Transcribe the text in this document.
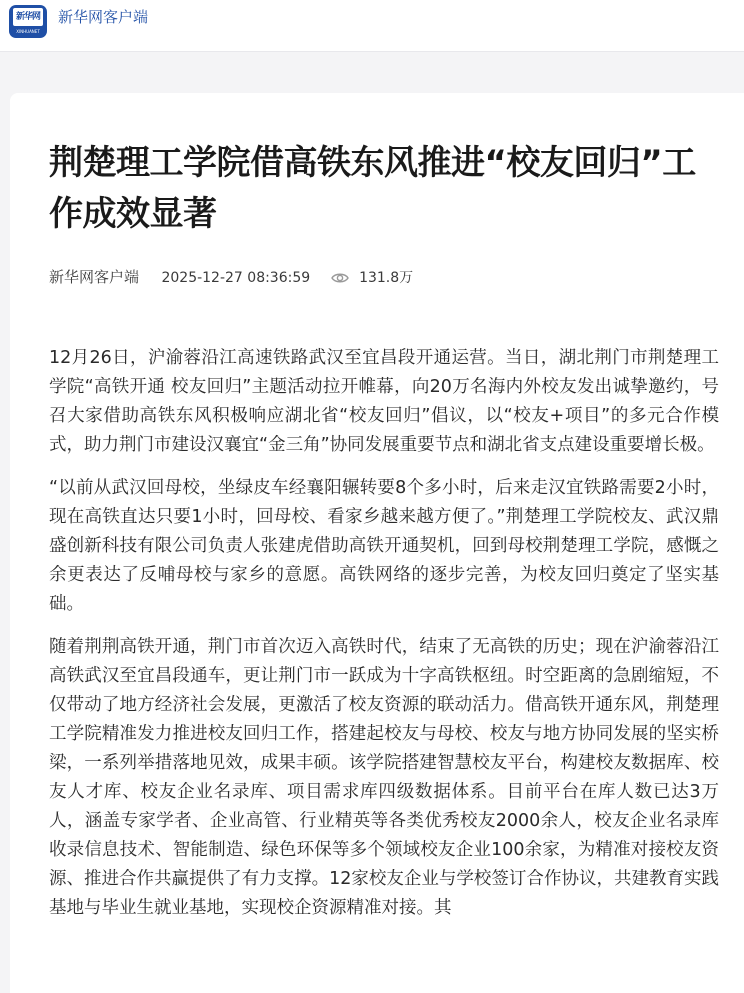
新华网
XINHUANET
新华网客户端
荆楚理工学院借高铁东风推进“校友回归”工作成效显著
新华网客户端 2025-12-27 08:36:59	131.8万

12月26日，沪渝蓉沿江高速铁路武汉至宜昌段开通运营。当日，湖北荆门市荆楚理工学院“高铁开通 校友回归”主题活动拉开帷幕，向20万名海内外校友发出诚挚邀约，号召大家借助高铁东风积极响应湖北省“校友回归”倡议，以“校友+项目”的多元合作模式，助力荆门市建设汉襄宜“金三角”协同发展重要节点和湖北省支点建设重要增长极。

“以前从武汉回母校，坐绿皮车经襄阳辗转要8个多小时，后来走汉宜铁路需要2小时，现在高铁直达只要1小时，回母校、看家乡越来越方便了。”荆楚理工学院校友、武汉鼎盛创新科技有限公司负责人张建虎借助高铁开通契机，回到母校荆楚理工学院，感慨之余更表达了反哺母校与家乡的意愿。高铁网络的逐步完善，为校友回归奠定了坚实基础。

随着荆荆高铁开通，荆门市首次迈入高铁时代，结束了无高铁的历史；现在沪渝蓉沿江高铁武汉至宜昌段通车，更让荆门市一跃成为十字高铁枢纽。时空距离的急剧缩短，不仅带动了地方经济社会发展，更激活了校友资源的联动活力。借高铁开通东风，荆楚理工学院精准发力推进校友回归工作，搭建起校友与母校、校友与地方协同发展的坚实桥梁，一系列举措落地见效，成果丰硕。该学院搭建智慧校友平台，构建校友数据库、校友人才库、校友企业名录库、项目需求库四级数据体系。目前平台在库人数已达3万人，涵盖专家学者、企业高管、行业精英等各类优秀校友2000余人，校友企业名录库收录信息技术、智能制造、绿色环保等多个领域校友企业100余家，为精准对接校友资源、推进合作共赢提供了有力支撑。12家校友企业与学校签订合作协议，共建教育实践基地与毕业生就业基地，实现校企资源精准对接。其
